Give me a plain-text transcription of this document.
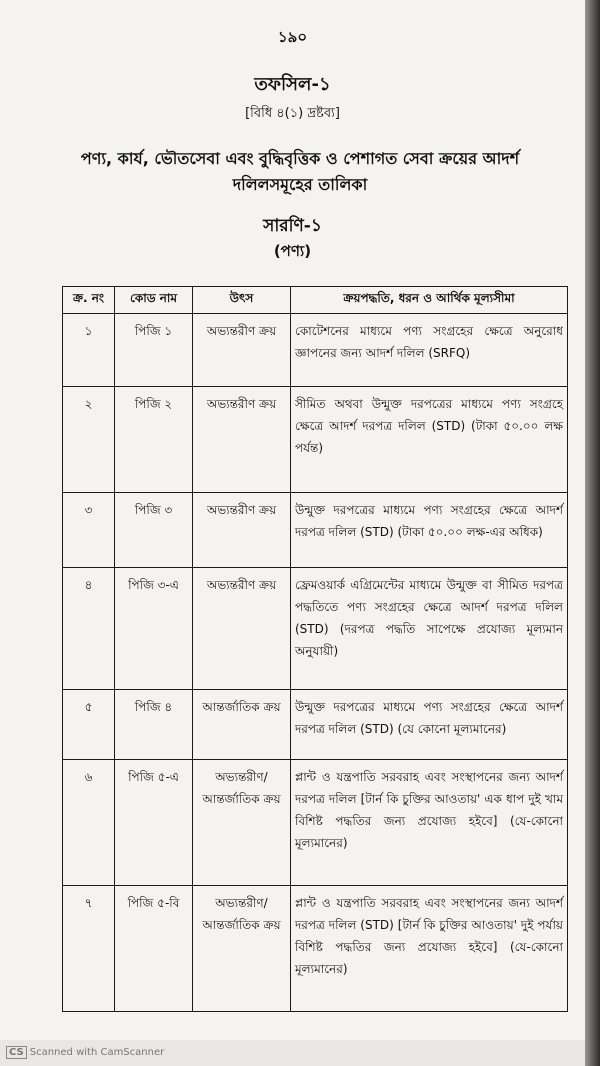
১৯০
তফসিল-১
[বিধি ৪(১) দ্রষ্টব্য]
পণ্য, কার্য, ভৌতসেবা এবং বুদ্ধিবৃত্তিক ও পেশাগত সেবা ক্রয়ের আদর্শ
দলিলসমূহের তালিকা
সারণি-১
(পণ্য)
ক্র. নং	কোড নাম	উৎস	ক্রয়পদ্ধতি, ধরন ও আর্থিক মূল্যসীমা
১	পিজি ১	অভ্যন্তরীণ ক্রয়	কোটেশনের মাধ্যমে পণ্য সংগ্রহের ক্ষেত্রে অনুরোধ জ্ঞাপনের জন্য আদর্শ দলিল (SRFQ)
২	পিজি ২	অভ্যন্তরীণ ক্রয়	সীমিত অথবা উন্মুক্ত দরপত্রের মাধ্যমে পণ্য সংগ্রহে ক্ষেত্রে আদর্শ দরপত্র দলিল (STD) (টাকা ৫০.০০ লক্ষ পর্যন্ত)
৩	পিজি ৩	অভ্যন্তরীণ ক্রয়	উন্মুক্ত দরপত্রের মাধ্যমে পণ্য সংগ্রহের ক্ষেত্রে আদর্শ দরপত্র দলিল (STD) (টাকা ৫০.০০ লক্ষ-এর অধিক)
৪	পিজি ৩-এ	অভ্যন্তরীণ ক্রয়	ফ্রেমওয়ার্ক এগ্রিমেন্টের মাধ্যমে উন্মুক্ত বা সীমিত দরপত্র পদ্ধতিতে পণ্য সংগ্রহের ক্ষেত্রে আদর্শ দরপত্র দলিল (STD) (দরপত্র পদ্ধতি সাপেক্ষে প্রযোজ্য মূল্যমান অনুযায়ী)
৫	পিজি ৪	আন্তর্জাতিক ক্রয়	উন্মুক্ত দরপত্রের মাধ্যমে পণ্য সংগ্রহের ক্ষেত্রে আদর্শ দরপত্র দলিল (STD) (যে কোনো মূল্যমানের)
৬	পিজি ৫-এ	অভ্যন্তরীণ/ আন্তর্জাতিক ক্রয়	প্লান্ট ও যন্ত্রপাতি সরবরাহ এবং সংস্থাপনের জন্য আদর্শ দরপত্র দলিল [টার্ন কি চুক্তির আওতায়' এক ধাপ দুই খাম বিশিষ্ট পদ্ধতির জন্য প্রযোজ্য হইবে] (যে-কোনো মূল্যমানের)
৭	পিজি ৫-বি	অভ্যন্তরীণ/ আন্তর্জাতিক ক্রয়	প্লান্ট ও যন্ত্রপাতি সরবরাহ এবং সংস্থাপনের জন্য আদর্শ দরপত্র দলিল (STD) [টার্ন কি চুক্তির আওতায়' দুই পর্যায় বিশিষ্ট পদ্ধতির জন্য প্রযোজ্য হইবে] (যে-কোনো মূল্যমানের)
CS Scanned with CamScanner
